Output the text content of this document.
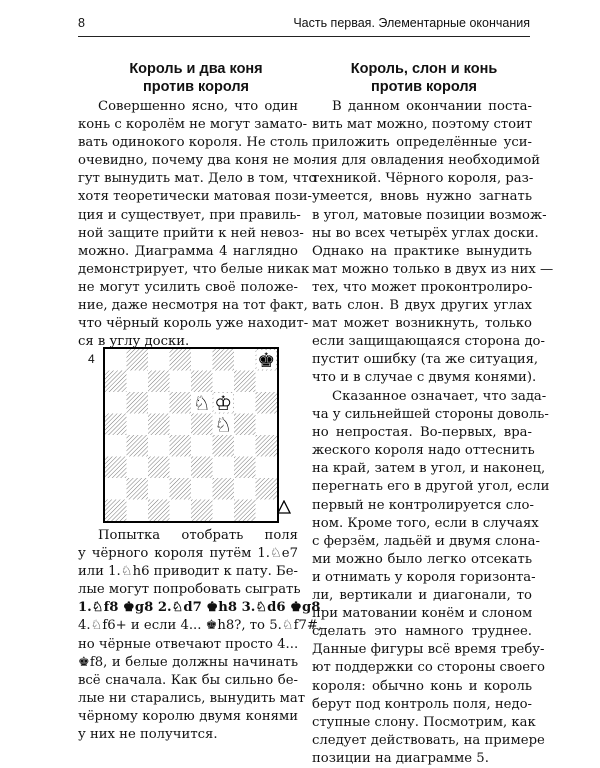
8	Часть первая. Элементарные окончания
Король и два коня
против короля
Совершенно ясно, что один
конь с королём не могут замато-
вать одинокого короля. Не столь
очевидно, почему два коня не мо-
гут вынудить мат. Дело в том, что
хотя теоретически матовая пози-
ция и существует, при правиль-
ной защите прийти к ней невоз-
можно. Диаграмма 4 наглядно
демонстрирует, что белые никак
не могут усилить своё положе-
ние, даже несмотря на тот факт,
что чёрный король уже находит-
ся в углу доски.
4	♚
♘ ♔
♘
Попытка отобрать поля
у чёрного короля путём 1.♘e7
или 1.♘h6 приводит к пату. Бе-
лые могут попробовать сыграть
1.♘f8 ♚g8 2.♘d7 ♚h8 3.♘d6 ♚g8
4.♘f6+ и если 4... ♚h8?, то 5.♘f7#,
но чёрные отвечают просто 4...
♚f8, и белые должны начинать
всё сначала. Как бы сильно бе-
лые ни старались, вынудить мат
чёрному королю двумя конями
у них не получится.
Король, слон и конь
против короля
В данном окончании поста-
вить мат можно, поэтому стоит
приложить определённые уси-
лия для овладения необходимой
техникой. Чёрного короля, раз-
умеется, вновь нужно загнать
в угол, матовые позиции возмож-
ны во всех четырёх углах доски.
Однако на практике вынудить
мат можно только в двух из них —
тех, что может проконтролиро-
вать слон. В двух других углах
мат может возникнуть, только
если защищающаяся сторона до-
пустит ошибку (та же ситуация,
что и в случае с двумя конями).
Сказанное означает, что зада-
ча у сильнейшей стороны доволь-
но непростая. Во-первых, вра-
жеского короля надо оттеснить
на край, затем в угол, и наконец,
перегнать его в другой угол, если
первый не контролируется сло-
ном. Кроме того, если в случаях
с ферзём, ладьёй и двумя слона-
ми можно было легко отсекать
и отнимать у короля горизонта-
ли, вертикали и диагонали, то
при матовании конём и слоном
сделать это намного труднее.
Данные фигуры всё время требу-
ют поддержки со стороны своего
короля: обычно конь и король
берут под контроль поля, недо-
ступные слону. Посмотрим, как
следует действовать, на примере
позиции на диаграмме 5.
